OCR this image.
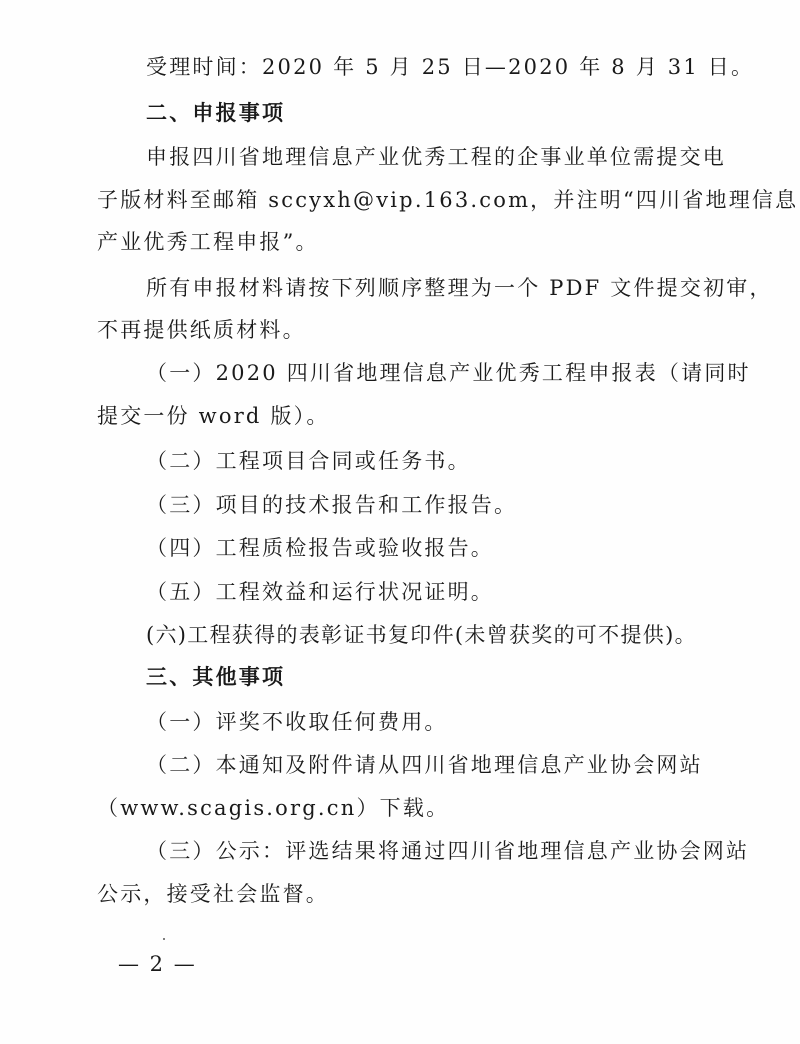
受理时间：2020 年 5 月 25 日—2020 年 8 月 31 日。
二、申报事项
申报四川省地理信息产业优秀工程的企事业单位需提交电
子版材料至邮箱 sccyxh@vip.163.com，并注明“四川省地理信息
产业优秀工程申报”。
所有申报材料请按下列顺序整理为一个 PDF 文件提交初审，
不再提供纸质材料。
（一）2020 四川省地理信息产业优秀工程申报表（请同时
提交一份 word 版）。
（二）工程项目合同或任务书。
（三）项目的技术报告和工作报告。
（四）工程质检报告或验收报告。
（五）工程效益和运行状况证明。
(六)工程获得的表彰证书复印件(未曾获奖的可不提供)。
三、其他事项
（一）评奖不收取任何费用。
（二）本通知及附件请从四川省地理信息产业协会网站
（www.scagis.org.cn）下载。
（三）公示：评选结果将通过四川省地理信息产业协会网站
公示，接受社会监督。
— 2 —
